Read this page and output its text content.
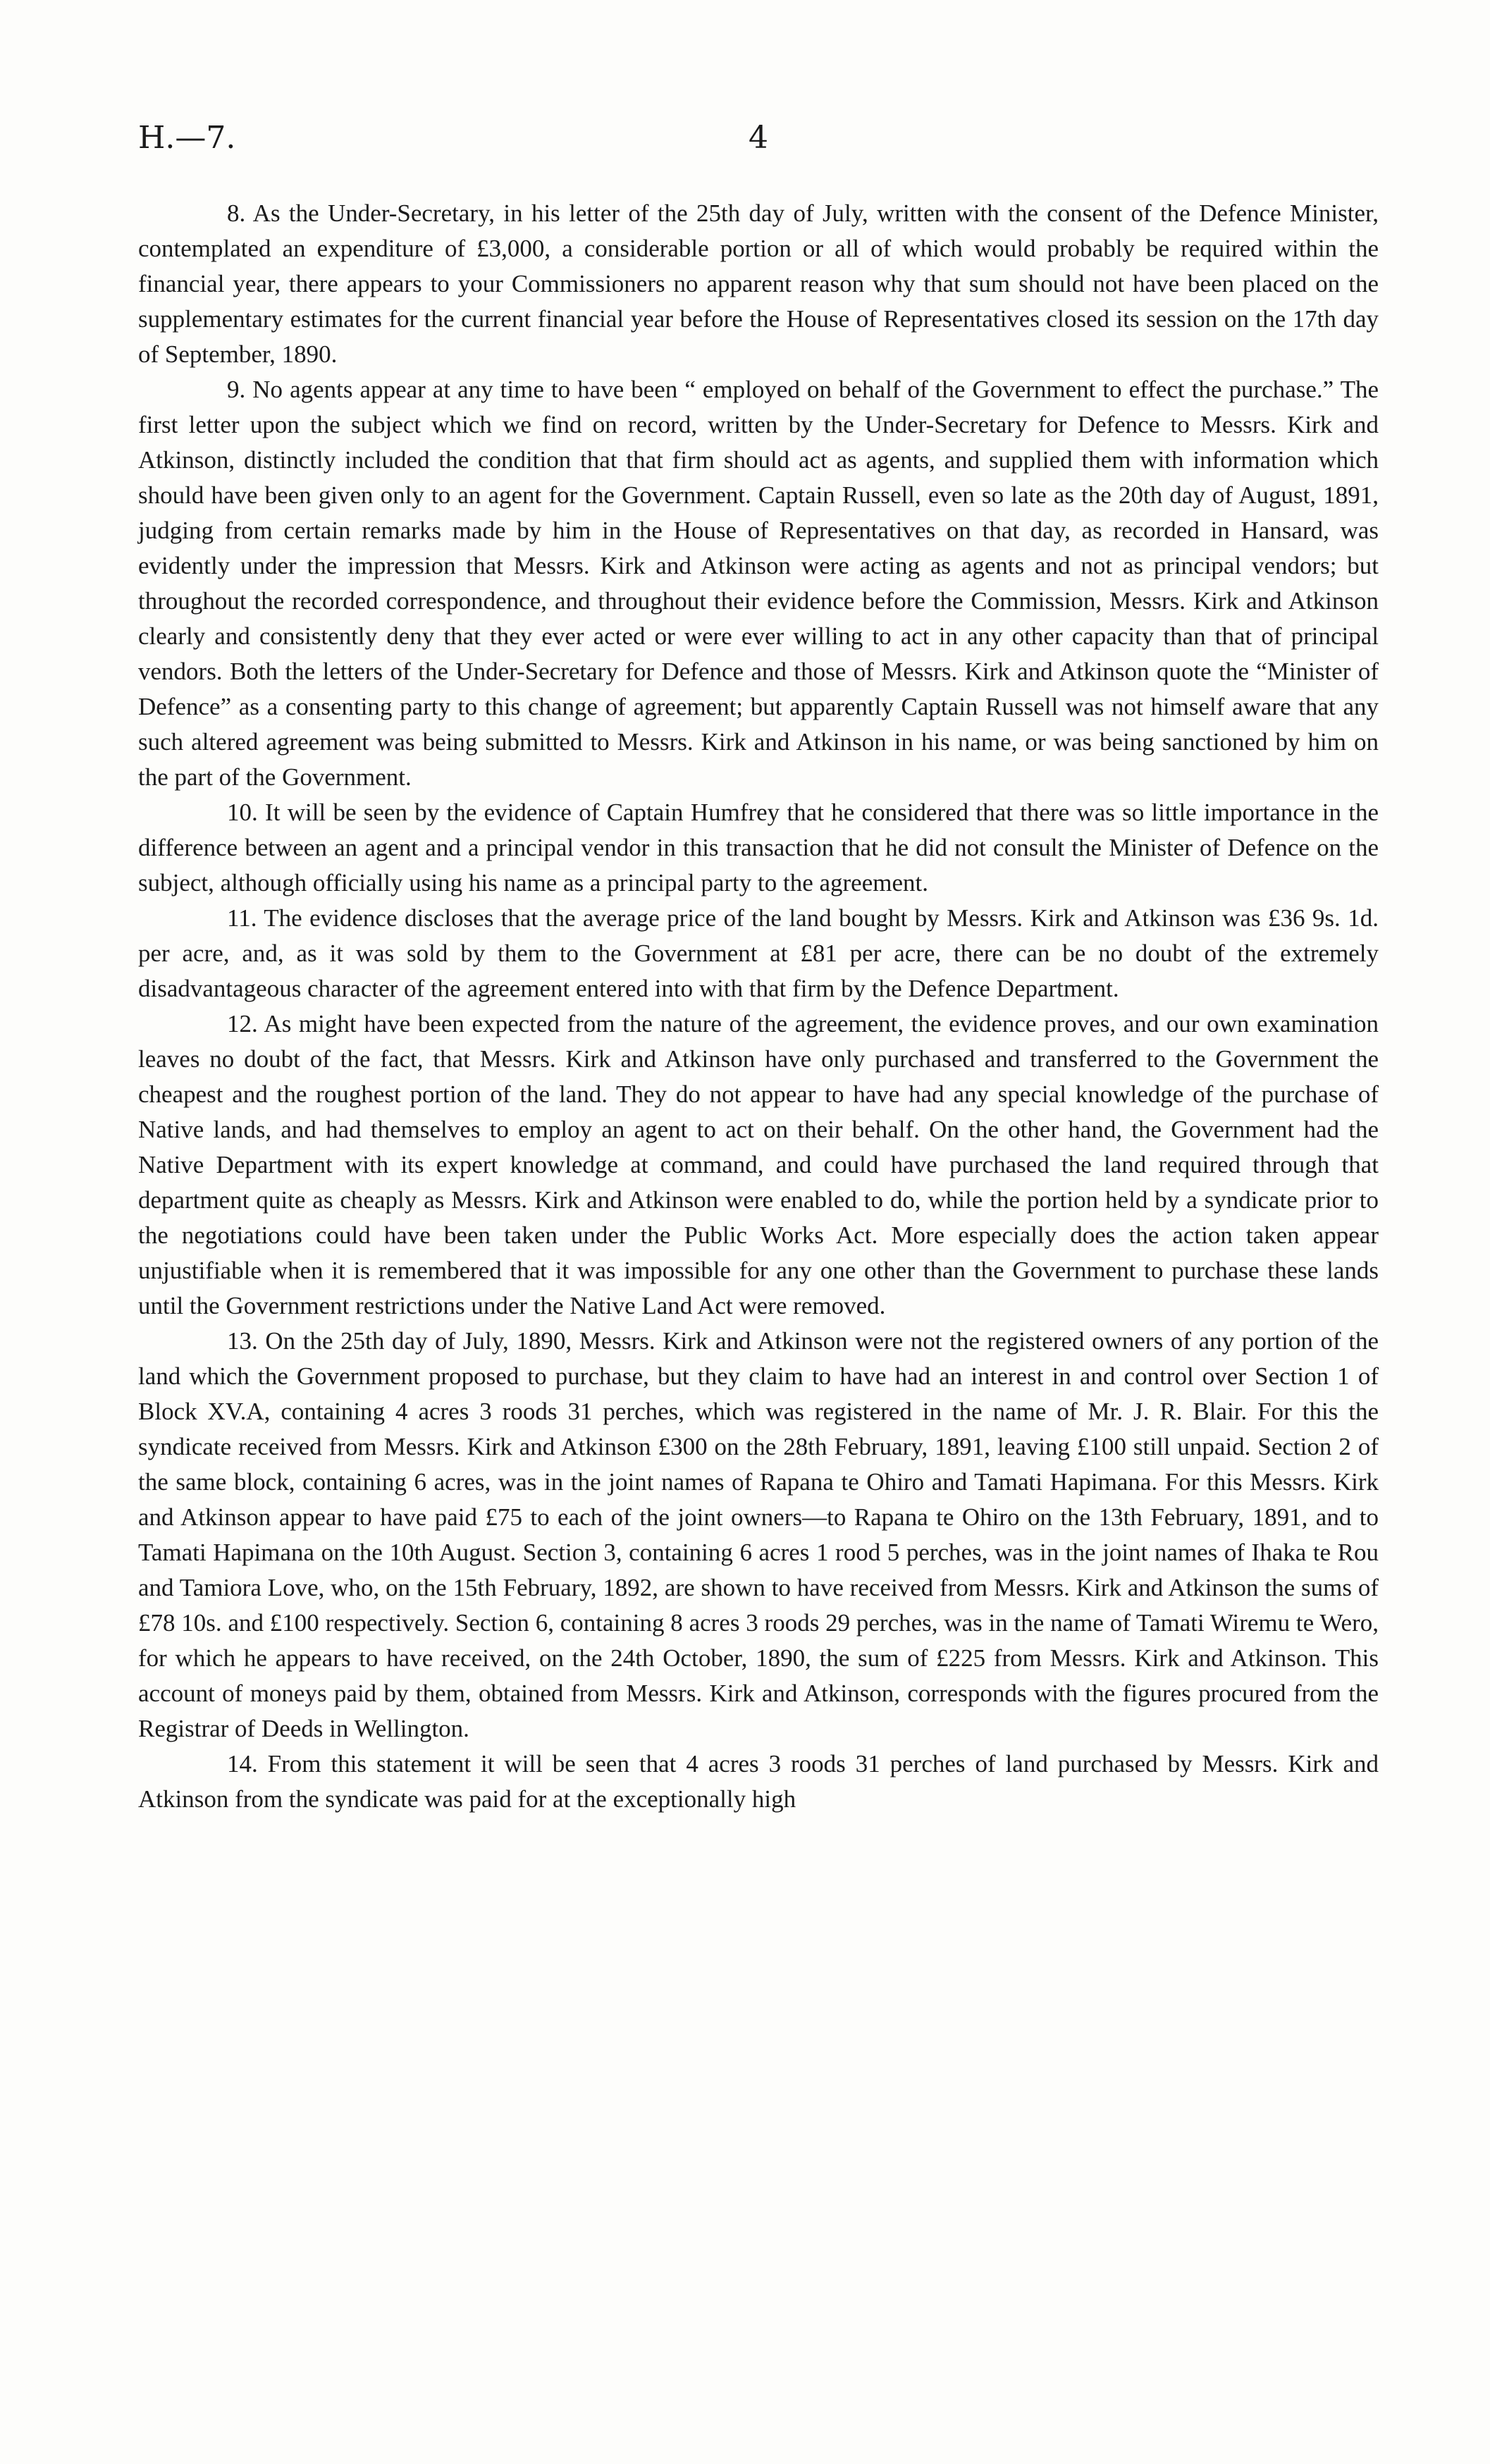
H.—7.	4

8. As the Under-Secretary, in his letter of the 25th day of July, written with the consent of the Defence Minister, contemplated an expenditure of £3,000, a considerable portion or all of which would probably be required within the financial year, there appears to your Commissioners no apparent reason why that sum should not have been placed on the supplementary estimates for the current financial year before the House of Representatives closed its session on the 17th day of September, 1890.

9. No agents appear at any time to have been “ employed on behalf of the Government to effect the purchase.” The first letter upon the subject which we find on record, written by the Under-Secretary for Defence to Messrs. Kirk and Atkinson, distinctly included the condition that that firm should act as agents, and supplied them with information which should have been given only to an agent for the Government. Captain Russell, even so late as the 20th day of August, 1891, judging from certain remarks made by him in the House of Representatives on that day, as recorded in Hansard, was evidently under the impression that Messrs. Kirk and Atkinson were acting as agents and not as principal vendors; but throughout the recorded correspondence, and throughout their evidence before the Commission, Messrs. Kirk and Atkinson clearly and consistently deny that they ever acted or were ever willing to act in any other capacity than that of principal vendors. Both the letters of the Under-Secretary for Defence and those of Messrs. Kirk and Atkinson quote the “Minister of Defence” as a consenting party to this change of agreement; but apparently Captain Russell was not himself aware that any such altered agreement was being submitted to Messrs. Kirk and Atkinson in his name, or was being sanctioned by him on the part of the Government.

10. It will be seen by the evidence of Captain Humfrey that he considered that there was so little importance in the difference between an agent and a principal vendor in this transaction that he did not consult the Minister of Defence on the subject, although officially using his name as a principal party to the agreement.

11. The evidence discloses that the average price of the land bought by Messrs. Kirk and Atkinson was £36 9s. 1d. per acre, and, as it was sold by them to the Government at £81 per acre, there can be no doubt of the extremely disadvantageous character of the agreement entered into with that firm by the Defence Department.

12. As might have been expected from the nature of the agreement, the evidence proves, and our own examination leaves no doubt of the fact, that Messrs. Kirk and Atkinson have only purchased and transferred to the Government the cheapest and the roughest portion of the land. They do not appear to have had any special knowledge of the purchase of Native lands, and had themselves to employ an agent to act on their behalf. On the other hand, the Government had the Native Department with its expert knowledge at command, and could have purchased the land required through that department quite as cheaply as Messrs. Kirk and Atkinson were enabled to do, while the portion held by a syndicate prior to the negotiations could have been taken under the Public Works Act. More especially does the action taken appear unjustifiable when it is remembered that it was impossible for any one other than the Government to purchase these lands until the Government restrictions under the Native Land Act were removed.

13. On the 25th day of July, 1890, Messrs. Kirk and Atkinson were not the registered owners of any portion of the land which the Government proposed to purchase, but they claim to have had an interest in and control over Section 1 of Block XV.A, containing 4 acres 3 roods 31 perches, which was registered in the name of Mr. J. R. Blair. For this the syndicate received from Messrs. Kirk and Atkinson £300 on the 28th February, 1891, leaving £100 still unpaid. Section 2 of the same block, containing 6 acres, was in the joint names of Rapana te Ohiro and Tamati Hapimana. For this Messrs. Kirk and Atkinson appear to have paid £75 to each of the joint owners—to Rapana te Ohiro on the 13th February, 1891, and to Tamati Hapimana on the 10th August. Section 3, containing 6 acres 1 rood 5 perches, was in the joint names of Ihaka te Rou and Tamiora Love, who, on the 15th February, 1892, are shown to have received from Messrs. Kirk and Atkinson the sums of £78 10s. and £100 respectively. Section 6, containing 8 acres 3 roods 29 perches, was in the name of Tamati Wiremu te Wero, for which he appears to have received, on the 24th October, 1890, the sum of £225 from Messrs. Kirk and Atkinson. This account of moneys paid by them, obtained from Messrs. Kirk and Atkinson, corresponds with the figures procured from the Registrar of Deeds in Wellington.

14. From this statement it will be seen that 4 acres 3 roods 31 perches of land purchased by Messrs. Kirk and Atkinson from the syndicate was paid for at the exceptionally high
